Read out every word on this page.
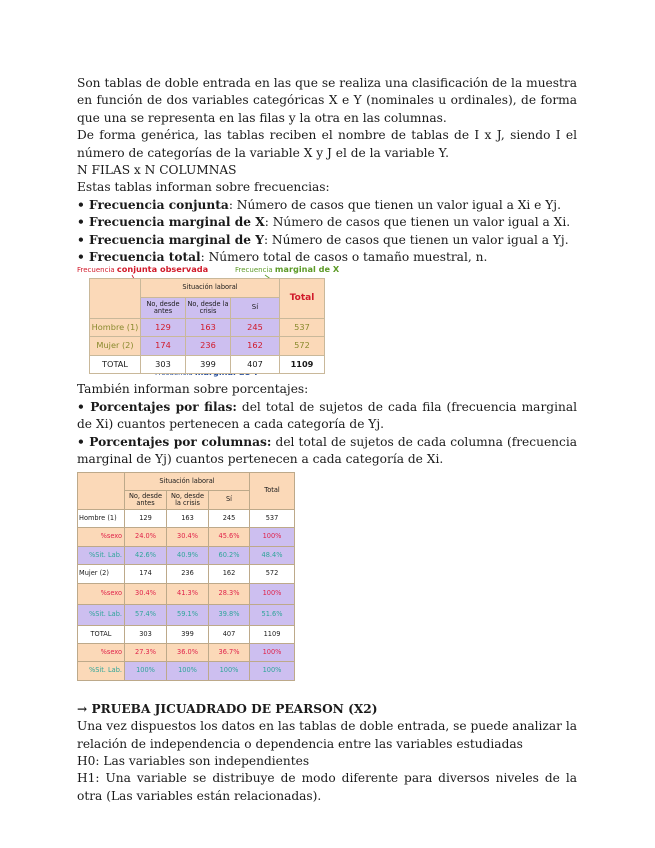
Son tablas de doble entrada en las que se realiza una clasificación de la muestra en función de dos variables categóricas X e Y (nominales u ordinales), de forma que una se representa en las filas y la otra en las columnas.

De forma genérica, las tablas reciben el nombre de tablas de I x J, siendo I el número de categorías de la variable X y J el de la variable Y.

N FILAS x N COLUMNAS

Estas tablas informan sobre frecuencias:

• Frecuencia conjunta: Número de casos que tienen un valor igual a Xi e Yj.

• Frecuencia marginal de X: Número de casos que tienen un valor igual a Xi.

• Frecuencia marginal de Y: Número de casos que tienen un valor igual a Yj.

• Frecuencia total: Número total de casos o tamaño muestral, n.

Frecuencia conjunta observada	Frecuencia marginal de X
	Situación laboral			Total
	No, desde antes	No, desde la crisis	Sí	
Hombre (1)	129	163	245	537
Mujer (2)	174	236	162	572
TOTAL	303	399	407	1109

También informan sobre porcentajes:

• Porcentajes por filas: del total de sujetos de cada fila (frecuencia marginal de Xi) cuantos pertenecen a cada categoría de Yj.

• Porcentajes por columnas: del total de sujetos de cada columna (frecuencia marginal de Yj) cuantos pertenecen a cada categoría de Xi.

	Situación laboral			Total
	No, desde antes	No, desde la crisis	Sí	
Hombre (1)	129	163	245	537
%sexo	24.0%	30.4%	45.6%	100%
%Sit. Lab.	42.6%	40.9%	60.2%	48.4%
Mujer (2)	174	236	162	572
%sexo	30.4%	41.3%	28.3%	100%
%Sit. Lab.	57.4%	59.1%	39.8%	51.6%
TOTAL	303	399	407	1109
%sexo	27.3%	36.0%	36.7%	100%
%Sit. Lab.	100%	100%	100%	100%

→ PRUEBA JICUADRADO DE PEARSON (X2)

Una vez dispuestos los datos en las tablas de doble entrada, se puede analizar la relación de independencia o dependencia entre las variables estudiadas

H0: Las variables son independientes

H1: Una variable se distribuye de modo diferente para diversos niveles de la otra (Las variables están relacionadas).
